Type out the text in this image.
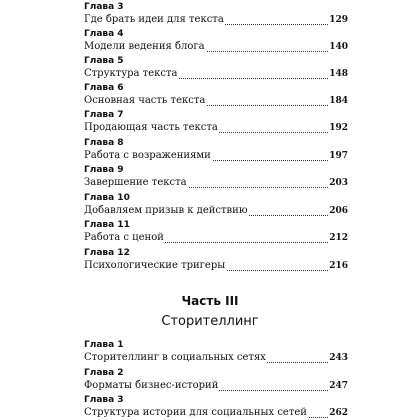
Глава 3
Где брать идеи для текста	129
Глава 4
Модели ведения блога	140
Глава 5
Структура текста	148
Глава 6
Основная часть текста	184
Глава 7
Продающая часть текста	192
Глава 8
Работа с возражениями	197
Глава 9
Завершение текста	203
Глава 10
Добавляем призыв к действию	206
Глава 11
Работа с ценой	212
Глава 12
Психологические тригеры	216
Часть III
Сторителлинг
Глава 1
Сторителлинг в социальных сетях	243
Глава 2
Форматы бизнес-историй	247
Глава 3
Структура истории для социальных сетей 262
